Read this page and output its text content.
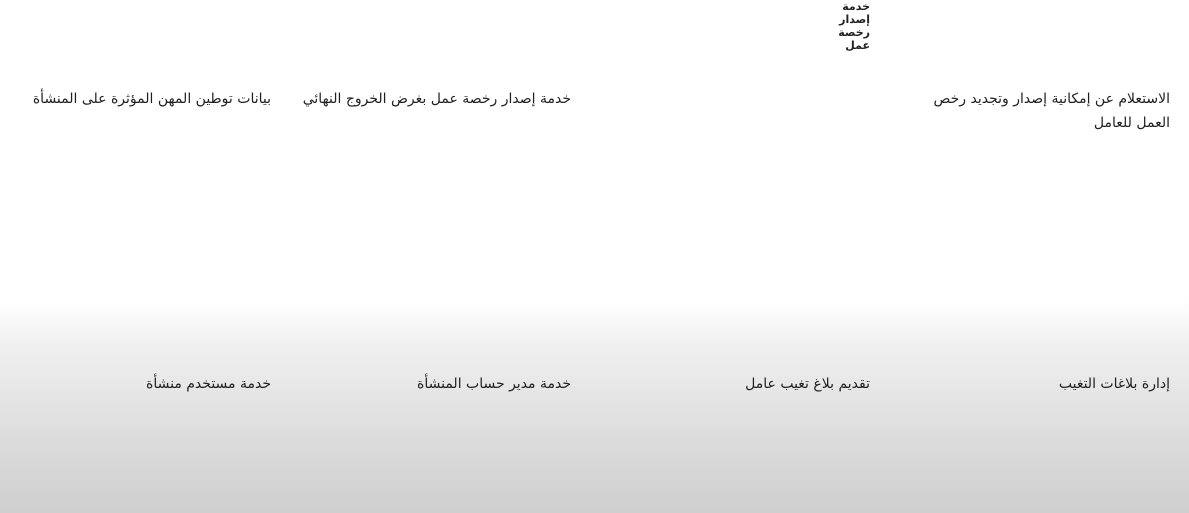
خدمة إصدار رخصة عمل
الاستعلام عن إمكانية إصدار وتجديد رخص العمل للعامل
خدمة إصدار رخصة عمل بغرض الخروج النهائي
بيانات توطين المهن المؤثرة على المنشأة
إدارة بلاغات التغيب
تقديم بلاغ تغيب عامل
خدمة مدير حساب المنشأة
خدمة مستخدم منشأة
